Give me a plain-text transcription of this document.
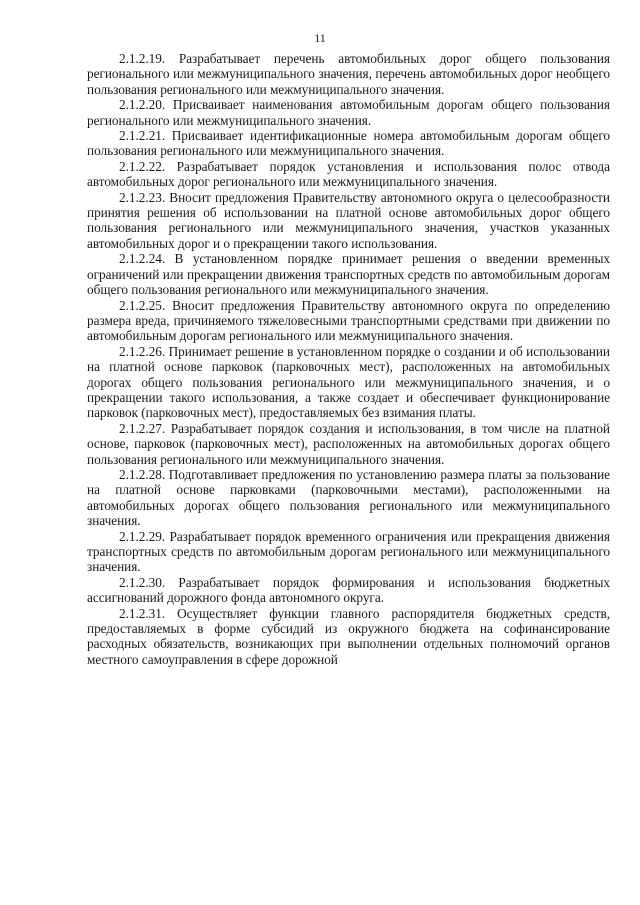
11

2.1.2.19. Разрабатывает перечень автомобильных дорог общего пользования регионального или межмуниципального значения, перечень автомобильных дорог необщего пользования регионального или межмуниципального значения.

2.1.2.20. Присваивает наименования автомобильным дорогам общего пользования регионального или межмуниципального значения.

2.1.2.21. Присваивает идентификационные номера автомобильным дорогам общего пользования регионального или межмуниципального значения.

2.1.2.22. Разрабатывает порядок установления и использования полос отвода автомобильных дорог регионального или межмуниципального значения.

2.1.2.23. Вносит предложения Правительству автономного округа о целесообразности принятия решения об использовании на платной основе автомобильных дорог общего пользования регионального или межмуниципального значения, участков указанных автомобильных дорог и о прекращении такого использования.

2.1.2.24. В установленном порядке принимает решения о введении временных ограничений или прекращении движения транспортных средств по автомобильным дорогам общего пользования регионального или межмуниципального значения.

2.1.2.25. Вносит предложения Правительству автономного округа по определению размера вреда, причиняемого тяжеловесными транспортными средствами при движении по автомобильным дорогам регионального или межмуниципального значения.

2.1.2.26. Принимает решение в установленном порядке о создании и об использовании на платной основе парковок (парковочных мест), расположенных на автомобильных дорогах общего пользования регионального или межмуниципального значения, и о прекращении такого использования, а также создает и обеспечивает функционирование парковок (парковочных мест), предоставляемых без взимания платы.

2.1.2.27. Разрабатывает порядок создания и использования, в том числе на платной основе, парковок (парковочных мест), расположенных на автомобильных дорогах общего пользования регионального или межмуниципального значения.

2.1.2.28. Подготавливает предложения по установлению размера платы за пользование на платной основе парковками (парковочными местами), расположенными на автомобильных дорогах общего пользования регионального или межмуниципального значения.

2.1.2.29. Разрабатывает порядок временного ограничения или прекращения движения транспортных средств по автомобильным дорогам регионального или межмуниципального значения.

2.1.2.30. Разрабатывает порядок формирования и использования бюджетных ассигнований дорожного фонда автономного округа.

2.1.2.31. Осуществляет функции главного распорядителя бюджетных средств, предоставляемых в форме субсидий из окружного бюджета на софинансирование расходных обязательств, возникающих при выполнении отдельных полномочий органов местного самоуправления в сфере дорожной
